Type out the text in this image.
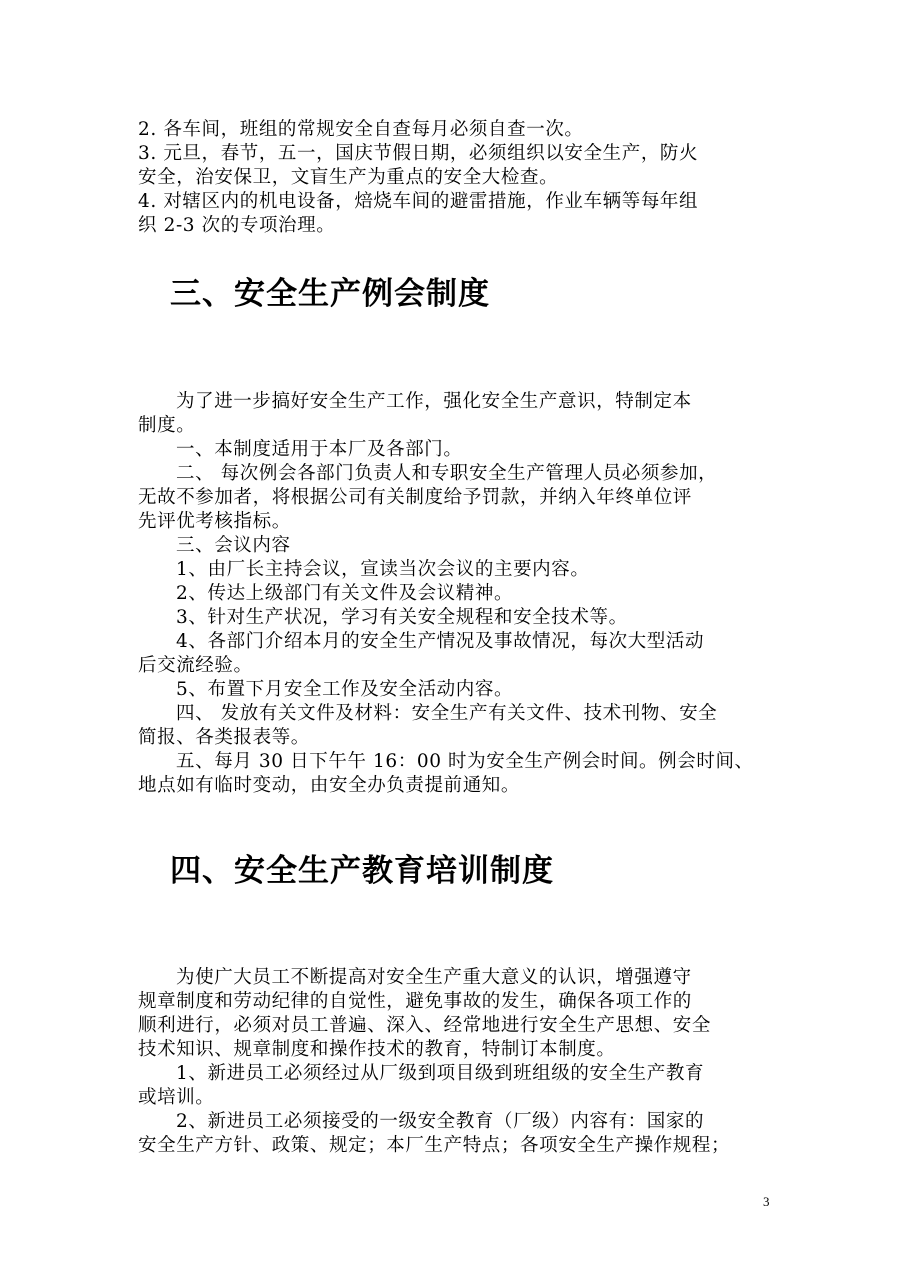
2. 各车间，班组的常规安全自查每月必须自查一次。
3. 元旦，春节，五一，国庆节假日期，必须组织以安全生产，防火
安全，治安保卫，文盲生产为重点的安全大检查。
4. 对辖区内的机电设备，焙烧车间的避雷措施，作业车辆等每年组
织 2-3 次的专项治理。
三、安全生产例会制度
为了进一步搞好安全生产工作，强化安全生产意识，特制定本
制度。
一、本制度适用于本厂及各部门。
二、 每次例会各部门负责人和专职安全生产管理人员必须参加，
无故不参加者，将根据公司有关制度给予罚款，并纳入年终单位评
先评优考核指标。
三、会议内容
1、由厂长主持会议，宣读当次会议的主要内容。
2、传达上级部门有关文件及会议精神。
3、针对生产状况，学习有关安全规程和安全技术等。
4、各部门介绍本月的安全生产情况及事故情况，每次大型活动
后交流经验。
5、布置下月安全工作及安全活动内容。
四、 发放有关文件及材料：安全生产有关文件、技术刊物、安全
简报、各类报表等。
五、每月 30 日下午午 16：00 时为安全生产例会时间。例会时间、
地点如有临时变动，由安全办负责提前通知。
四、安全生产教育培训制度
为使广大员工不断提高对安全生产重大意义的认识，增强遵守
规章制度和劳动纪律的自觉性，避免事故的发生，确保各项工作的
顺利进行，必须对员工普遍、深入、经常地进行安全生产思想、安全
技术知识、规章制度和操作技术的教育，特制订本制度。
1、新进员工必须经过从厂级到项目级到班组级的安全生产教育
或培训。
2、新进员工必须接受的一级安全教育（厂级）内容有：国家的
安全生产方针、政策、规定；本厂生产特点；各项安全生产操作规程；
3
